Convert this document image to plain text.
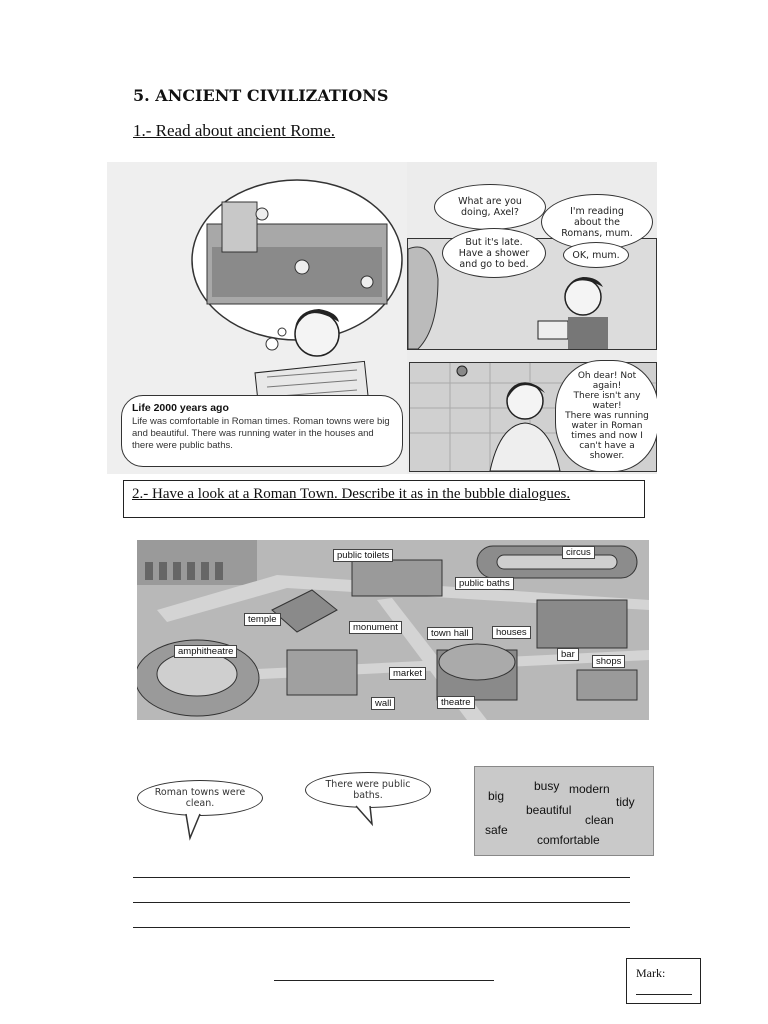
5. ANCIENT CIVILIZATIONS
1.- Read about ancient Rome.
Life 2000 years ago
Life was comfortable in Roman times. Roman towns were big and beautiful. There was running water in the houses and there were public baths.
What are you
doing, Axel?	I'm reading
about the
Romans, mum.
But it's late.
Have a shower
and go to bed.
OK, mum.
Oh dear! Not
again!
There isn't any
water!
There was running
water in Roman
times and now I
can't have a
shower.
2.- Have a look at a Roman Town. Describe it as in the bubble dialogues.
public toilets	circus
public baths
temple
monument
town hall	houses
amphitheatre
market
bar
shops
wall	theatre
Roman towns were
clean.
There were public
baths.
busy modern
big	tidy
beautiful
clean
safe
comfortable
Mark:
